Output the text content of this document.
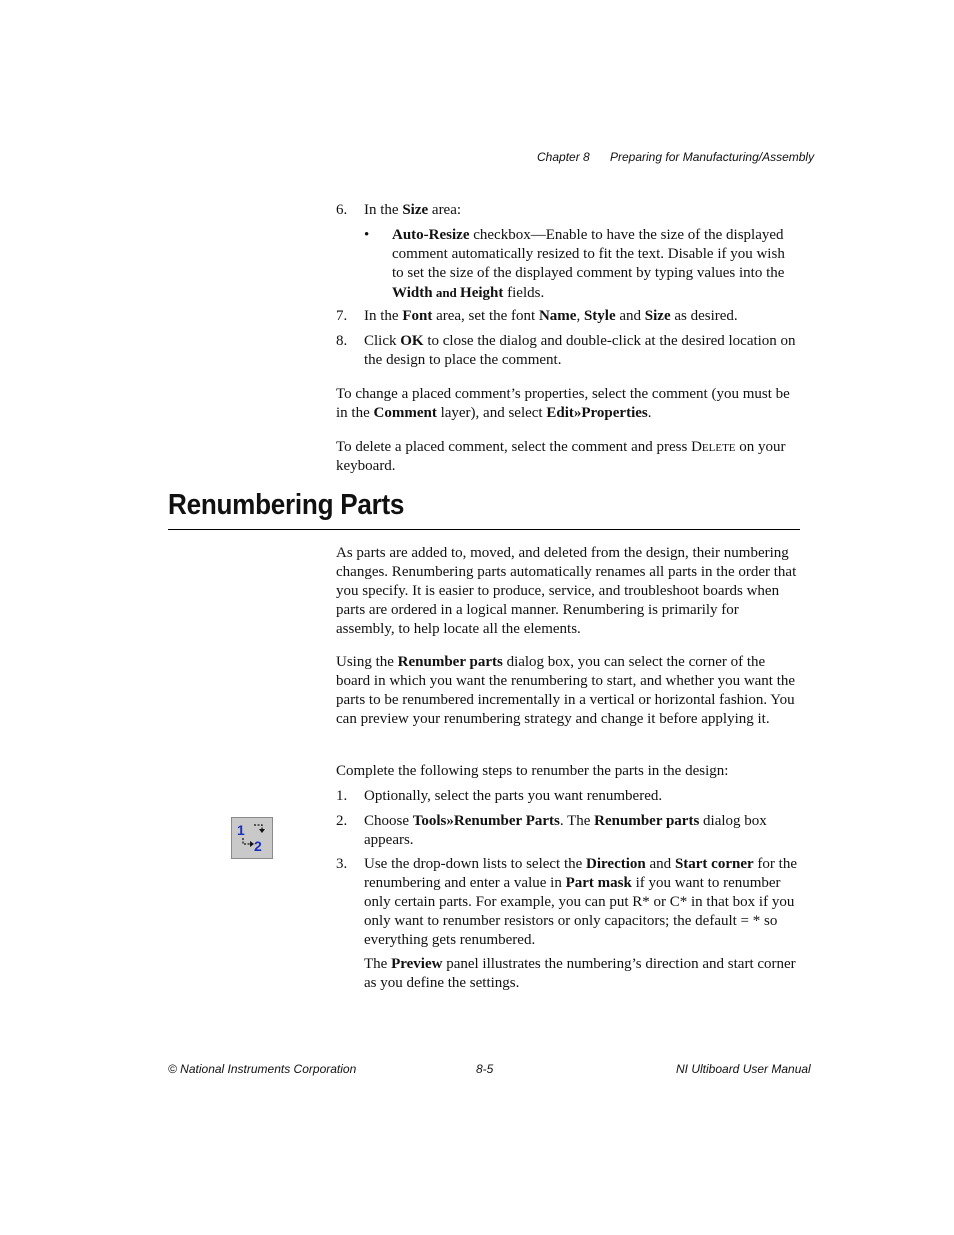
Chapter 8 Preparing for Manufacturing/Assembly
6. In the Size area:
• Auto-Resize checkbox—Enable to have the size of the displayed comment automatically resized to fit the text. Disable if you wish to set the size of the displayed comment by typing values into the Width and Height fields.
7. In the Font area, set the font Name, Style and Size as desired.
8. Click OK to close the dialog and double-click at the desired location on the design to place the comment.
To change a placed comment’s properties, select the comment (you must be in the Comment layer), and select Edit»Properties.
To delete a placed comment, select the comment and press Delete on your keyboard.
Renumbering Parts
As parts are added to, moved, and deleted from the design, their numbering changes. Renumbering parts automatically renames all parts in the order that you specify. It is easier to produce, service, and troubleshoot boards when parts are ordered in a logical manner. Renumbering is primarily for assembly, to help locate all the elements.
Using the Renumber parts dialog box, you can select the corner of the board in which you want the renumbering to start, and whether you want the parts to be renumbered incrementally in a vertical or horizontal fashion. You can preview your renumbering strategy and change it before applying it.
Complete the following steps to renumber the parts in the design:
1. Optionally, select the parts you want renumbered.
1
2
2. Choose Tools»Renumber Parts. The Renumber parts dialog box appears.
3. Use the drop-down lists to select the Direction and Start corner for the renumbering and enter a value in Part mask if you want to renumber only certain parts. For example, you can put R* or C* in that box if you only want to renumber resistors or only capacitors; the default = * so everything gets renumbered.
The Preview panel illustrates the numbering’s direction and start corner as you define the settings.
© National Instruments Corporation	8-5	NI Ultiboard User Manual
